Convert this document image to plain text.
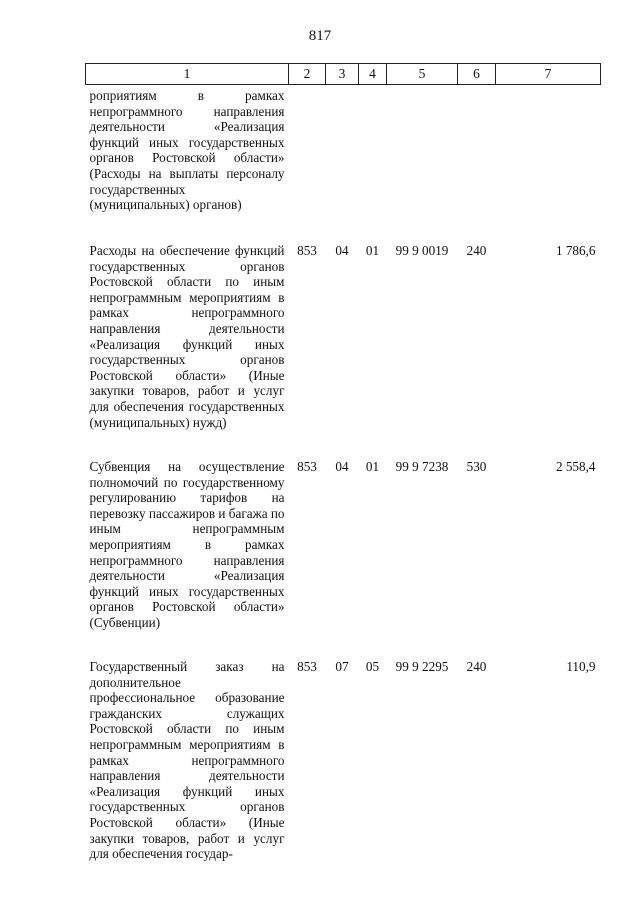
817
1	2	3	4	5	6	7
роприятиям в рамках непрограммного направления деятельности «Реализация функций иных государственных органов Ростовской области» (Расходы на выплаты персоналу государственных (муниципальных) органов)						
Расходы на обеспечение функций государственных органов Ростовской области по иным непрограммным мероприятиям в рамках непрограммного направления деятельности «Реализация функций иных государственных органов Ростовской области» (Иные закупки товаров, работ и услуг для обеспечения государственных (муниципальных) нужд)	853	04	01	99 9 0019	240	1 786,6
Субвенция на осуществление полномочий по государственному регулированию тарифов на перевозку пассажиров и багажа по иным непрограммным мероприятиям в рамках непрограммного направления деятельности «Реализация функций иных государственных органов Ростовской области» (Субвенции)	853	04	01	99 9 7238	530	2 558,4
Государственный заказ на дополнительное профессиональное образование гражданских служащих Ростовской области по иным непрограммным мероприятиям в рамках непрограммного направления деятельности «Реализация функций иных государственных органов Ростовской области» (Иные закупки товаров, работ и услуг для обеспечения государ-	853	07	05	99 9 2295	240	110,9
